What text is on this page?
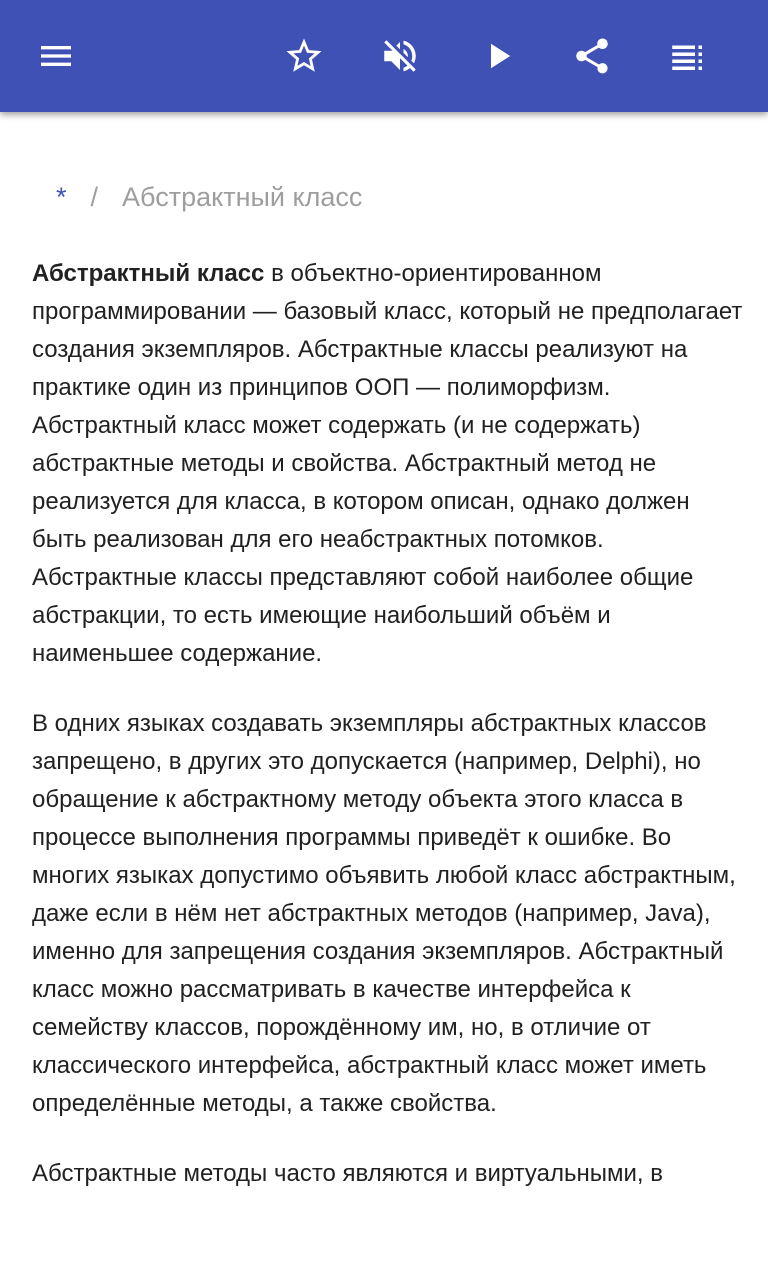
* / Абстрактный класс

Абстрактный класс в объектно-ориентированном программировании — базовый класс, который не предполагает создания экземпляров. Абстрактные классы реализуют на практике один из принципов ООП — полиморфизм. Абстрактный класс может содержать (и не содержать) абстрактные методы и свойства. Абстрактный метод не реализуется для класса, в котором описан, однако должен быть реализован для его неабстрактных потомков. Абстрактные классы представляют собой наиболее общие абстракции, то есть имеющие наибольший объём и наименьшее содержание.

В одних языках создавать экземпляры абстрактных классов запрещено, в других это допускается (например, Delphi), но обращение к абстрактному методу объекта этого класса в процессе выполнения программы приведёт к ошибке. Во многих языках допустимо объявить любой класс абстрактным, даже если в нём нет абстрактных методов (например, Java), именно для запрещения создания экземпляров. Абстрактный класс можно рассматривать в качестве интерфейса к семейству классов, порождённому им, но, в отличие от классического интерфейса, абстрактный класс может иметь определённые методы, а также свойства.

Абстрактные методы часто являются и виртуальными, в
